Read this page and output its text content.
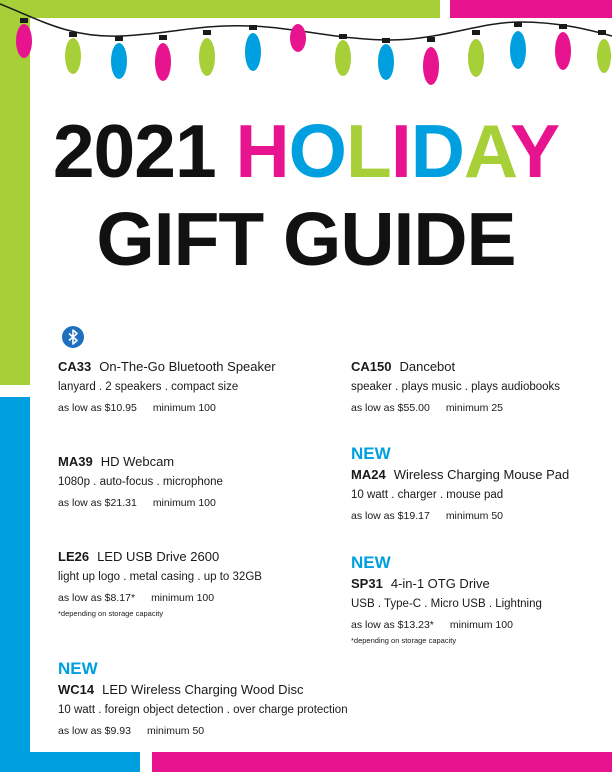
2021 HOLIDAY
GIFT GUIDE
CA33 On-The-Go Bluetooth Speaker
lanyard . 2 speakers . compact size
as low as $10.95 minimum 100
MA39 HD Webcam
1080p . auto-focus . microphone
as low as $21.31 minimum 100
LE26 LED USB Drive 2600
light up logo . metal casing . up to 32GB
as low as $8.17* minimum 100
*depending on storage capacity
NEW
WC14 LED Wireless Charging Wood Disc
10 watt . foreign object detection . over charge protection
as low as $9.93 minimum 50
CA150 Dancebot
speaker . plays music . plays audiobooks
as low as $55.00 minimum 25
NEW
MA24 Wireless Charging Mouse Pad
10 watt . charger . mouse pad
as low as $19.17 minimum 50
NEW
SP31 4-in-1 OTG Drive
USB . Type-C . Micro USB . Lightning
as low as $13.23* minimum 100
*depending on storage capacity
